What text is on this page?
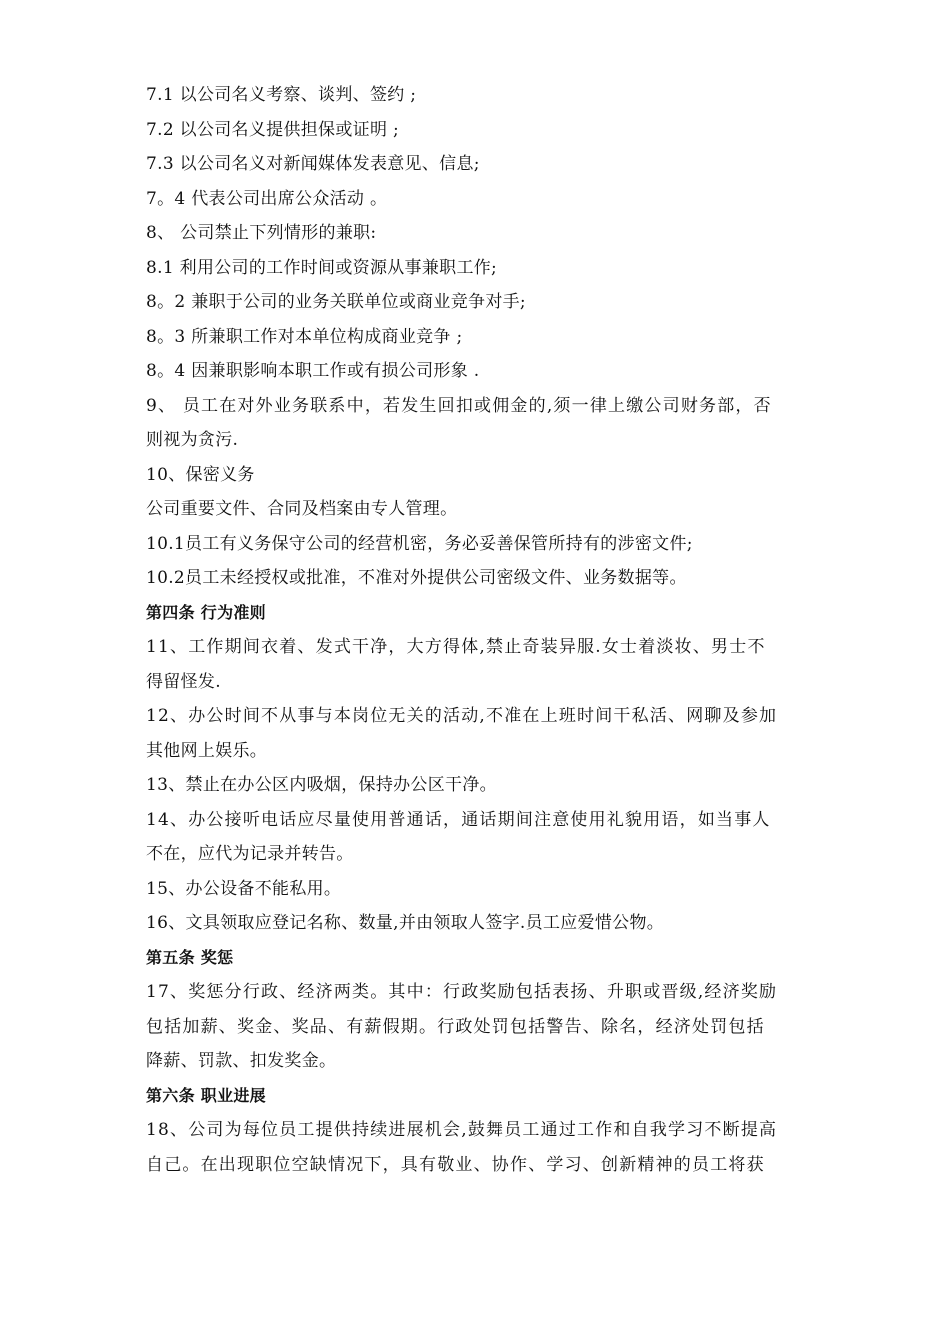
7.1 以公司名义考察、谈判、签约 ;
7.2 以公司名义提供担保或证明 ;
7.3 以公司名义对新闻媒体发表意见、信息;
7。4 代表公司出席公众活动 。
8、 公司禁止下列情形的兼职:
8.1 利用公司的工作时间或资源从事兼职工作;
8。2 兼职于公司的业务关联单位或商业竞争对手;
8。3 所兼职工作对本单位构成商业竞争 ;
8。4 因兼职影响本职工作或有损公司形象 .
9、 员工在对外业务联系中，若发生回扣或佣金的,须一律上缴公司财务部，否
则视为贪污.
10、保密义务
公司重要文件、合同及档案由专人管理。
10.1员工有义务保守公司的经营机密，务必妥善保管所持有的涉密文件;
10.2员工未经授权或批准，不准对外提供公司密级文件、业务数据等。
第四条 行为准则
11、工作期间衣着、发式干净，大方得体,禁止奇装异服.女士着淡妆、男士不
得留怪发.
12、办公时间不从事与本岗位无关的活动,不准在上班时间干私活、网聊及参加
其他网上娱乐。
13、禁止在办公区内吸烟，保持办公区干净。
14、办公接听电话应尽量使用普通话，通话期间注意使用礼貌用语，如当事人
不在，应代为记录并转告。
15、办公设备不能私用。
16、文具领取应登记名称、数量,并由领取人签字.员工应爱惜公物。
第五条 奖惩
17、奖惩分行政、经济两类。其中：行政奖励包括表扬、升职或晋级,经济奖励
包括加薪、奖金、奖品、有薪假期。行政处罚包括警告、除名，经济处罚包括
降薪、罚款、扣发奖金。
第六条 职业进展
18、公司为每位员工提供持续进展机会,鼓舞员工通过工作和自我学习不断提高
自己。在出现职位空缺情况下，具有敬业、协作、学习、创新精神的员工将获
